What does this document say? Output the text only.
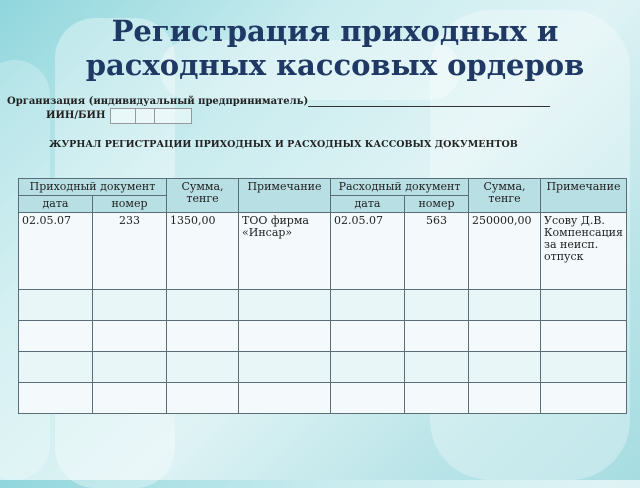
Регистрация приходных и расходных кассовых ордеров
Организация (индивидуальный предприниматель)
ИИН/БИН
ЖУРНАЛ РЕГИСТРАЦИИ ПРИХОДНЫХ И РАСХОДНЫХ КАССОВЫХ ДОКУМЕНТОВ
Приходный документ		Сумма, тенге	Примечание	Расходный документ		Сумма, тенге	Примечание
дата	номер			дата	номер		
02.05.07	233	1350,00	ТОО фирма «Инсар»	02.05.07	563	250000,00	Усову Д.В. Компенсация за неисп. отпуск
